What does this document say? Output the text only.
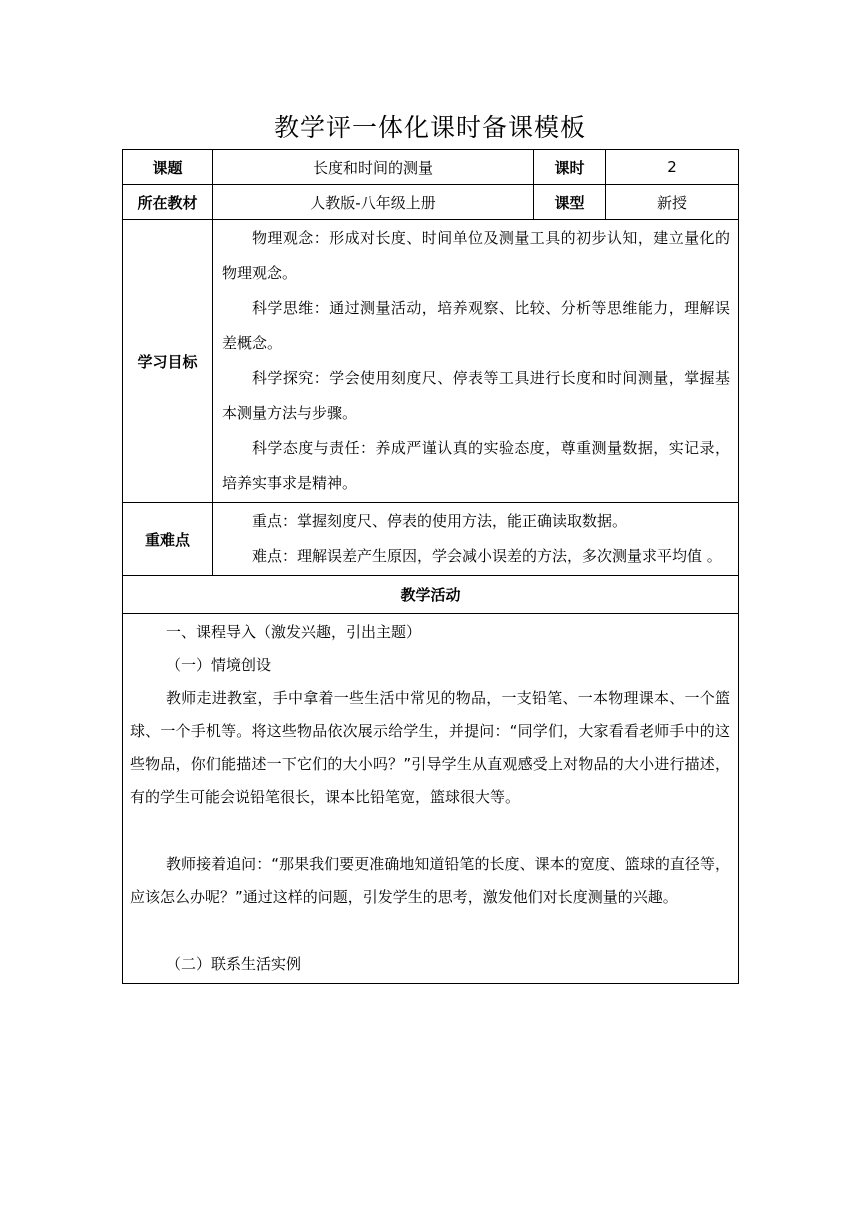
教学评一体化课时备课模板
课题	长度和时间的测量	课时	2
所在教材	人教版-八年级上册	课型	新授
学习目标	物理观念：形成对长度、时间单位及测量工具的初步认知，建立量化的物理观念。

科学思维：通过测量活动，培养观察、比较、分析等思维能力，理解误差概念。

科学探究：学会使用刻度尺、停表等工具进行长度和时间测量，掌握基本测量方法与步骤。

科学态度与责任：养成严谨认真的实验态度，尊重测量数据，实记录，培养实事求是精神。		

重难点	重点：掌握刻度尺、停表的使用方法，能正确读取数据。

难点：理解误差产生原因，学会减小误差的方法，多次测量求平均值 。		

教学活动			

一、课程导入（激发兴趣，引出主题）

（一）情境创设

教师走进教室，手中拿着一些生活中常见的物品，一支铅笔、一本物理课本、一个篮球、一个手机等。将这些物品依次展示给学生，并提问：“同学们，大家看看老师手中的这些物品，你们能描述一下它们的大小吗？”引导学生从直观感受上对物品的大小进行描述，有的学生可能会说铅笔很长，课本比铅笔宽，篮球很大等。

教师接着追问：“那果我们要更准确地知道铅笔的长度、课本的宽度、篮球的直径等，应该怎么办呢？”通过这样的问题，引发学生的思考，激发他们对长度测量的兴趣。

（二）联系生活实例			
